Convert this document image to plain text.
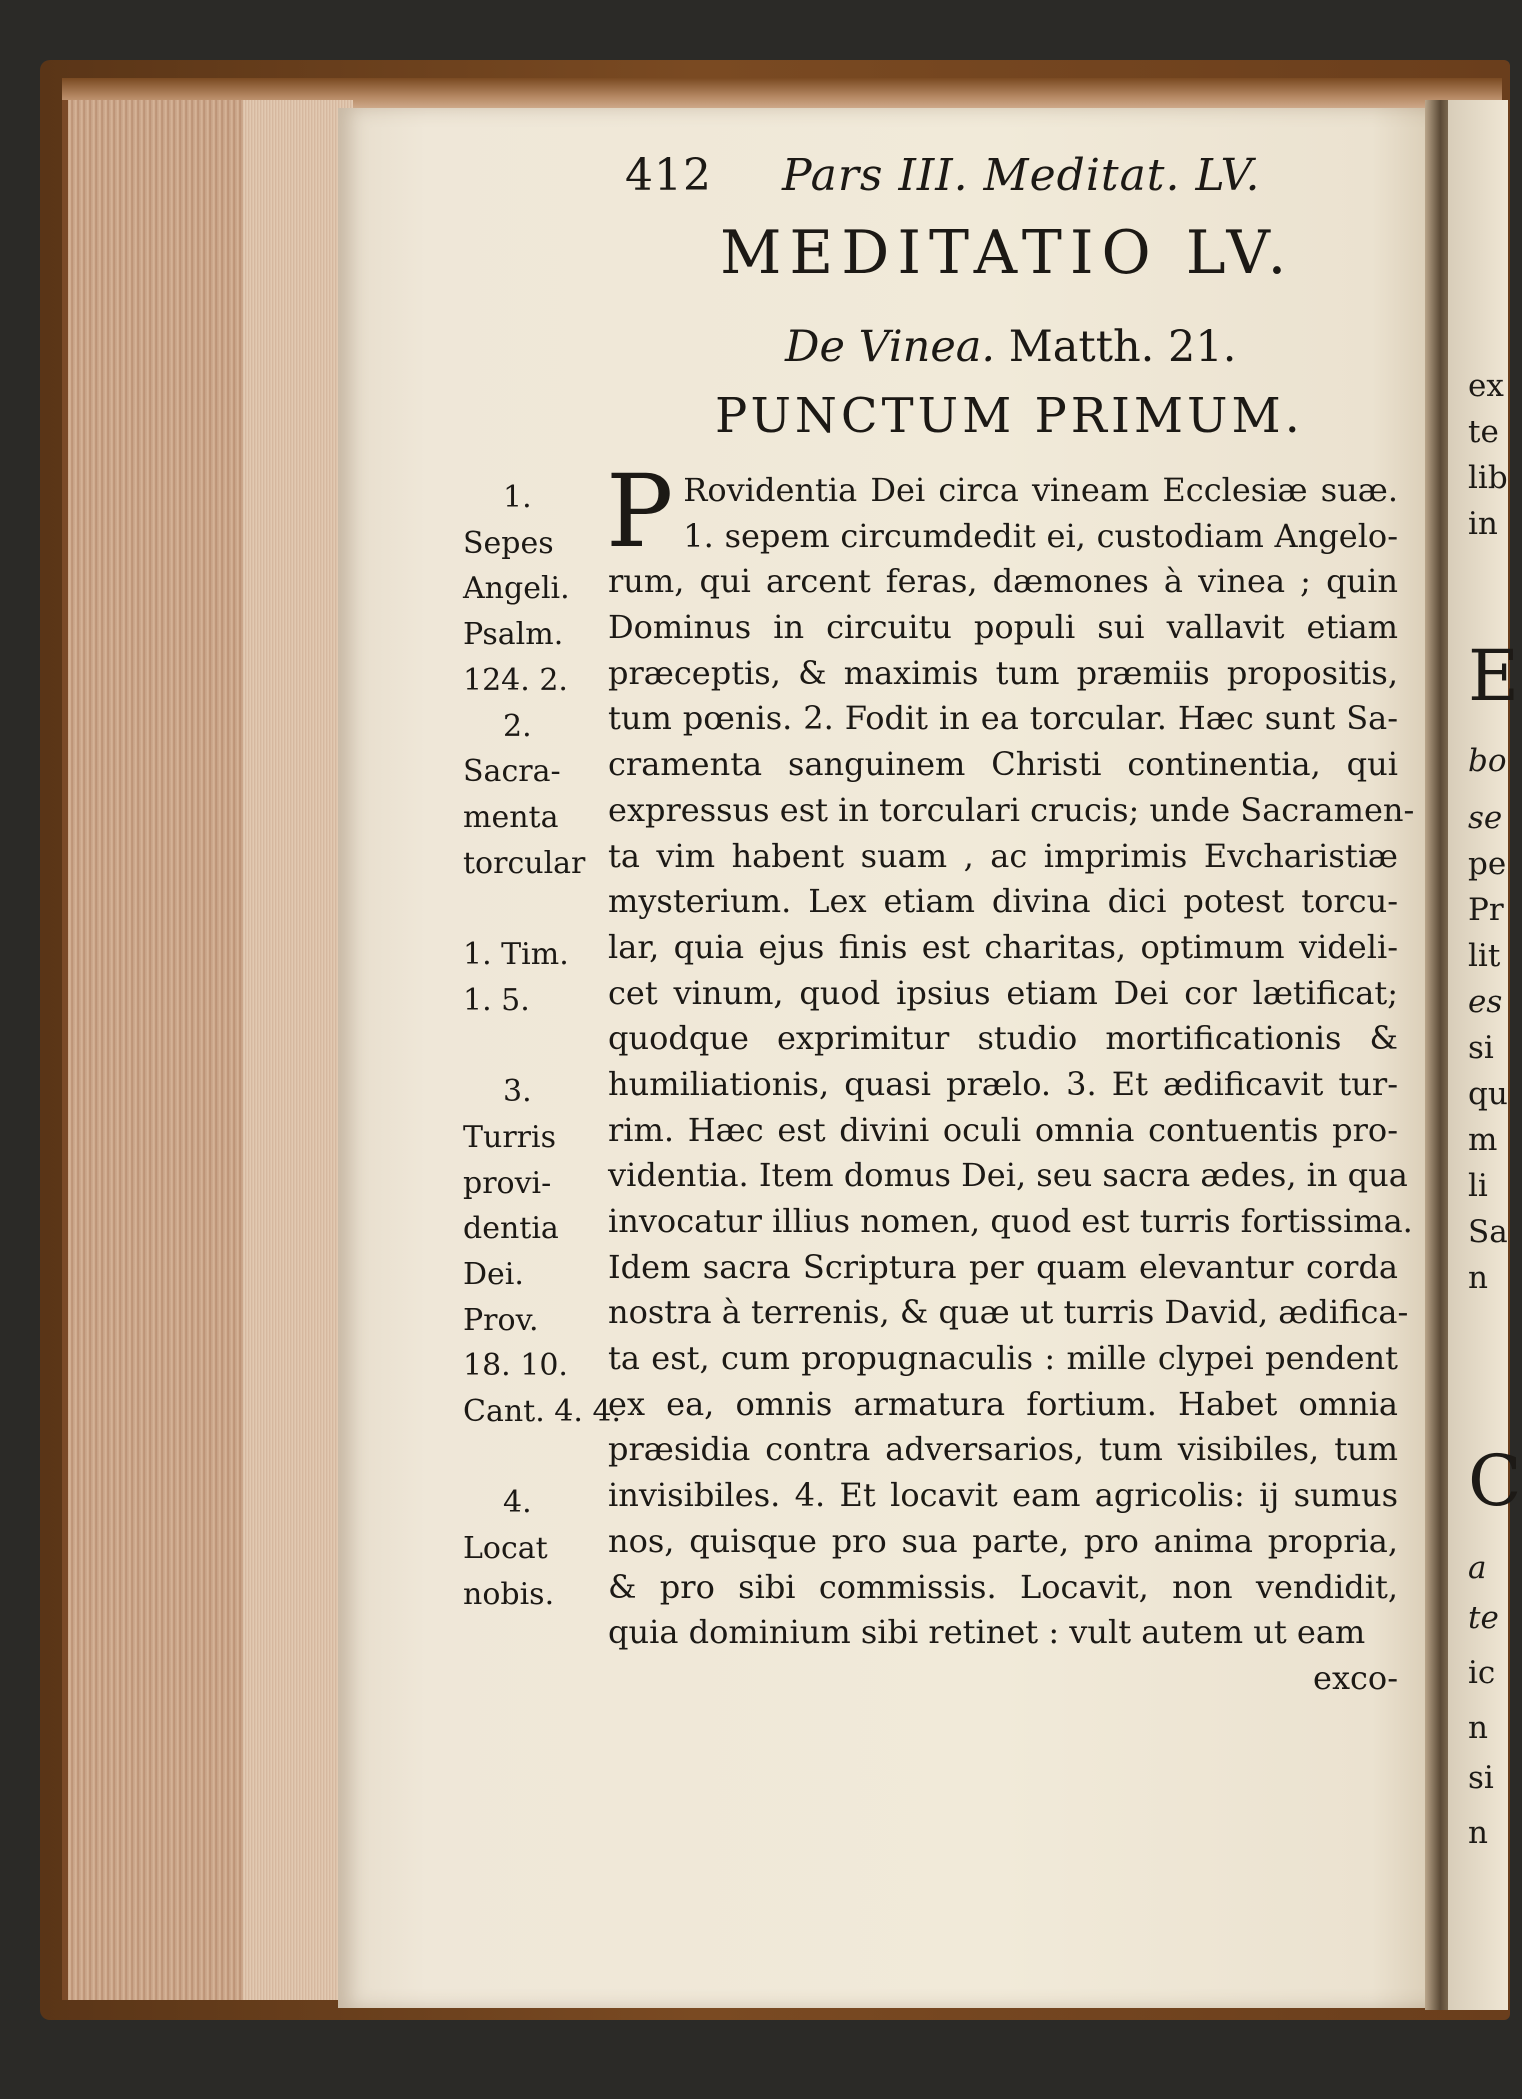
ex
te
lib
in
E
bo
se
pe
Pr
lit
es
si
qu
m
li
Sa
n
C
a
te
ic
n
si
n
412 Pars III. Meditat. LV.
MEDITATIO LV.
De Vinea. Matth. 21.
PUNCTUM PRIMUM.
1.
Sepes
Angeli.
Psalm.
124. 2.
2.
Sacra-
menta
torcular
1. Tim.
1. 5.
3.
Turris
provi-
dentia
Dei.
Prov.
18. 10.
Cant. 4. 4.
4.
Locat
nobis.
P Rovidentia Dei circa vineam Ecclesiæ suæ.
1. sepem circumdedit ei, custodiam Angelo-
rum, qui arcent feras, dæmones à vinea ; quin
Dominus in circuitu populi sui vallavit etiam
præceptis, & maximis tum præmiis propositis,
tum pœnis. 2. Fodit in ea torcular. Hæc sunt Sa-
cramenta sanguinem Christi continentia, qui
expressus est in torculari crucis; unde Sacramen-
ta vim habent suam , ac imprimis Evcharistiæ
mysterium. Lex etiam divina dici potest torcu-
lar, quia ejus finis est charitas, optimum videli-
cet vinum, quod ipsius etiam Dei cor lætificat;
quodque exprimitur studio mortificationis &
humiliationis, quasi prælo. 3. Et ædificavit tur-
rim. Hæc est divini oculi omnia contuentis pro-
videntia. Item domus Dei, seu sacra ædes, in qua
invocatur illius nomen, quod est turris fortissima.
Idem sacra Scriptura per quam elevantur corda
nostra à terrenis, & quæ ut turris David, ædifica-
ta est, cum propugnaculis : mille clypei pendent
ex ea, omnis armatura fortium. Habet omnia
præsidia contra adversarios, tum visibiles, tum
invisibiles. 4. Et locavit eam agricolis: ij sumus
nos, quisque pro sua parte, pro anima propria,
& pro sibi commissis. Locavit, non vendidit,
quia dominium sibi retinet : vult autem ut eam
exco-
